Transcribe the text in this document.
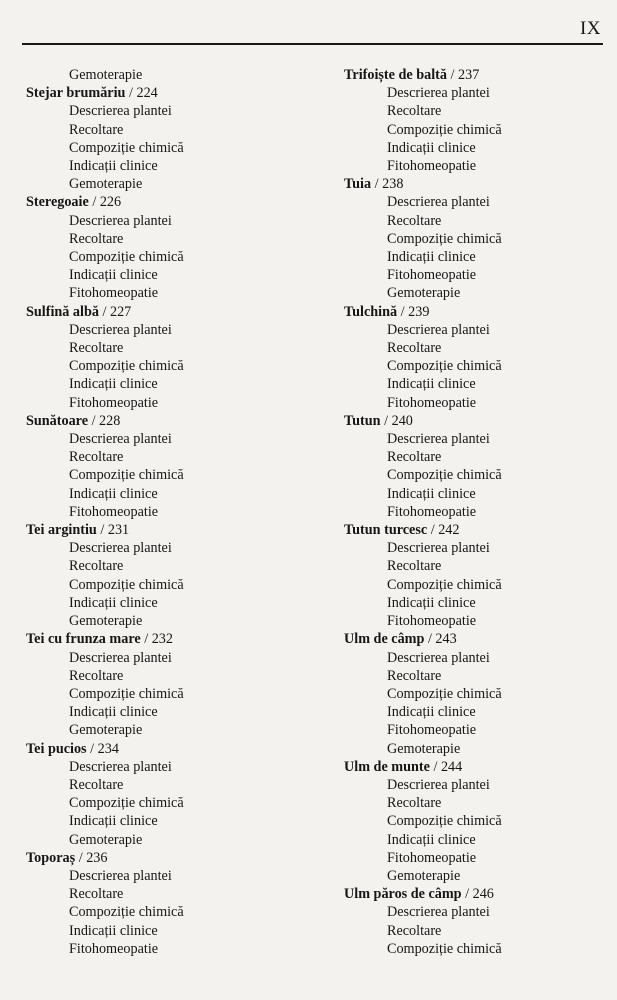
IX
Gemoterapie
Stejar brumăriu / 224
Descrierea plantei
Recoltare
Compoziție chimică
Indicații clinice
Gemoterapie
Steregoaie / 226
Descrierea plantei
Recoltare
Compoziție chimică
Indicații clinice
Fitohomeopatie
Sulfină albă / 227
Descrierea plantei
Recoltare
Compoziție chimică
Indicații clinice
Fitohomeopatie
Sunătoare / 228
Descrierea plantei
Recoltare
Compoziție chimică
Indicații clinice
Fitohomeopatie
Tei argintiu / 231
Descrierea plantei
Recoltare
Compoziție chimică
Indicații clinice
Gemoterapie
Tei cu frunza mare / 232
Descrierea plantei
Recoltare
Compoziție chimică
Indicații clinice
Gemoterapie
Tei pucios / 234
Descrierea plantei
Recoltare
Compoziție chimică
Indicații clinice
Gemoterapie
Toporaș / 236
Descrierea plantei
Recoltare
Compoziție chimică
Indicații clinice
Fitohomeopatie
Trifoiște de baltă / 237
Descrierea plantei
Recoltare
Compoziție chimică
Indicații clinice
Fitohomeopatie
Tuia / 238
Descrierea plantei
Recoltare
Compoziție chimică
Indicații clinice
Fitohomeopatie
Gemoterapie
Tulchină / 239
Descrierea plantei
Recoltare
Compoziție chimică
Indicații clinice
Fitohomeopatie
Tutun / 240
Descrierea plantei
Recoltare
Compoziție chimică
Indicații clinice
Fitohomeopatie
Tutun turcesc / 242
Descrierea plantei
Recoltare
Compoziție chimică
Indicații clinice
Fitohomeopatie
Ulm de câmp / 243
Descrierea plantei
Recoltare
Compoziție chimică
Indicații clinice
Fitohomeopatie
Gemoterapie
Ulm de munte / 244
Descrierea plantei
Recoltare
Compoziție chimică
Indicații clinice
Fitohomeopatie
Gemoterapie
Ulm păros de câmp / 246
Descrierea plantei
Recoltare
Compoziție chimică
